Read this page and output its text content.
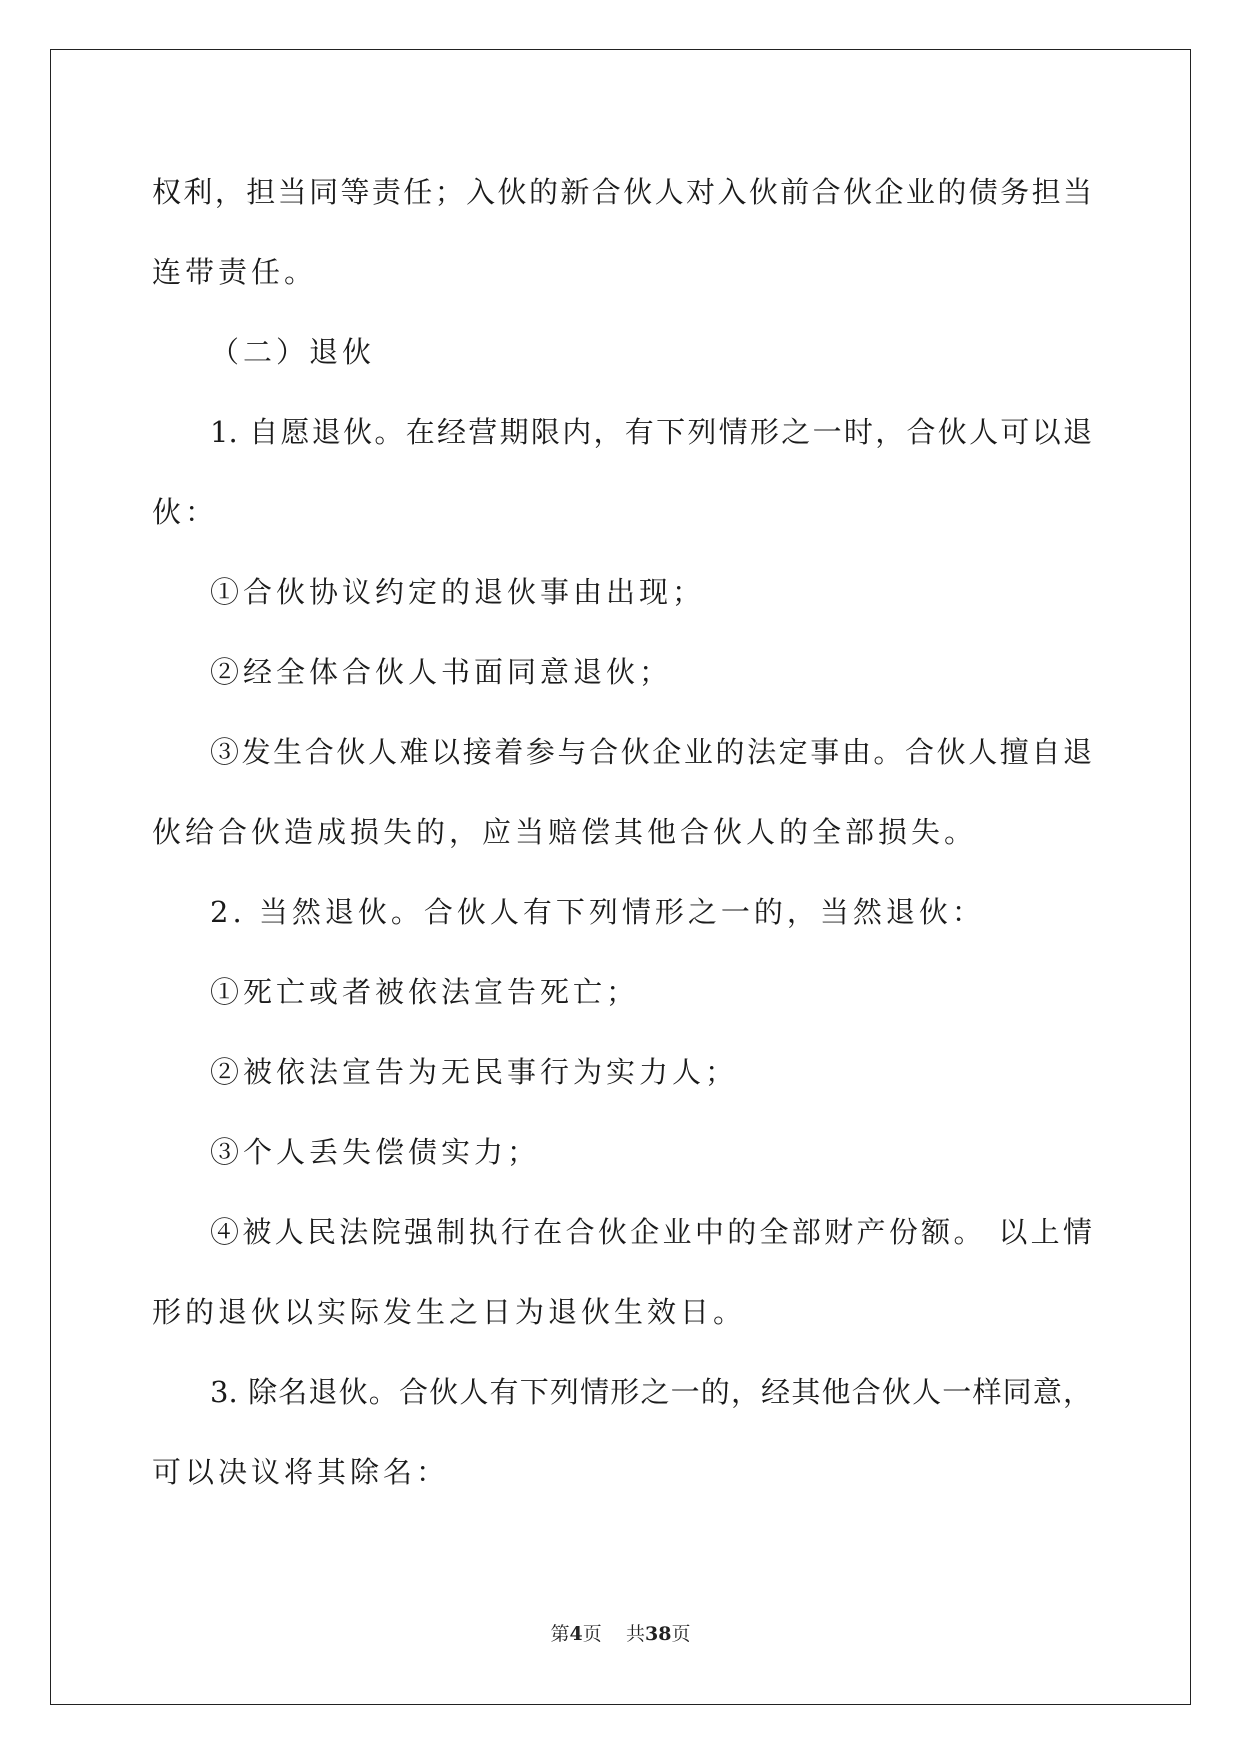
权利，担当同等责任；入伙的新合伙人对入伙前合伙企业的债务担当
连带责任。
（二）退伙
1. 自愿退伙。在经营期限内，有下列情形之一时，合伙人可以退
伙：
①合伙协议约定的退伙事由出现；
②经全体合伙人书面同意退伙；
③发生合伙人难以接着参与合伙企业的法定事由。合伙人擅自退
伙给合伙造成损失的，应当赔偿其他合伙人的全部损失。
2. 当然退伙。合伙人有下列情形之一的，当然退伙：
①死亡或者被依法宣告死亡；
②被依法宣告为无民事行为实力人；
③个人丢失偿债实力；
④被人民法院强制执行在合伙企业中的全部财产份额。 以上情
形的退伙以实际发生之日为退伙生效日。
3. 除名退伙。合伙人有下列情形之一的，经其他合伙人一样同意，
可以决议将其除名：
第4页 共38页
